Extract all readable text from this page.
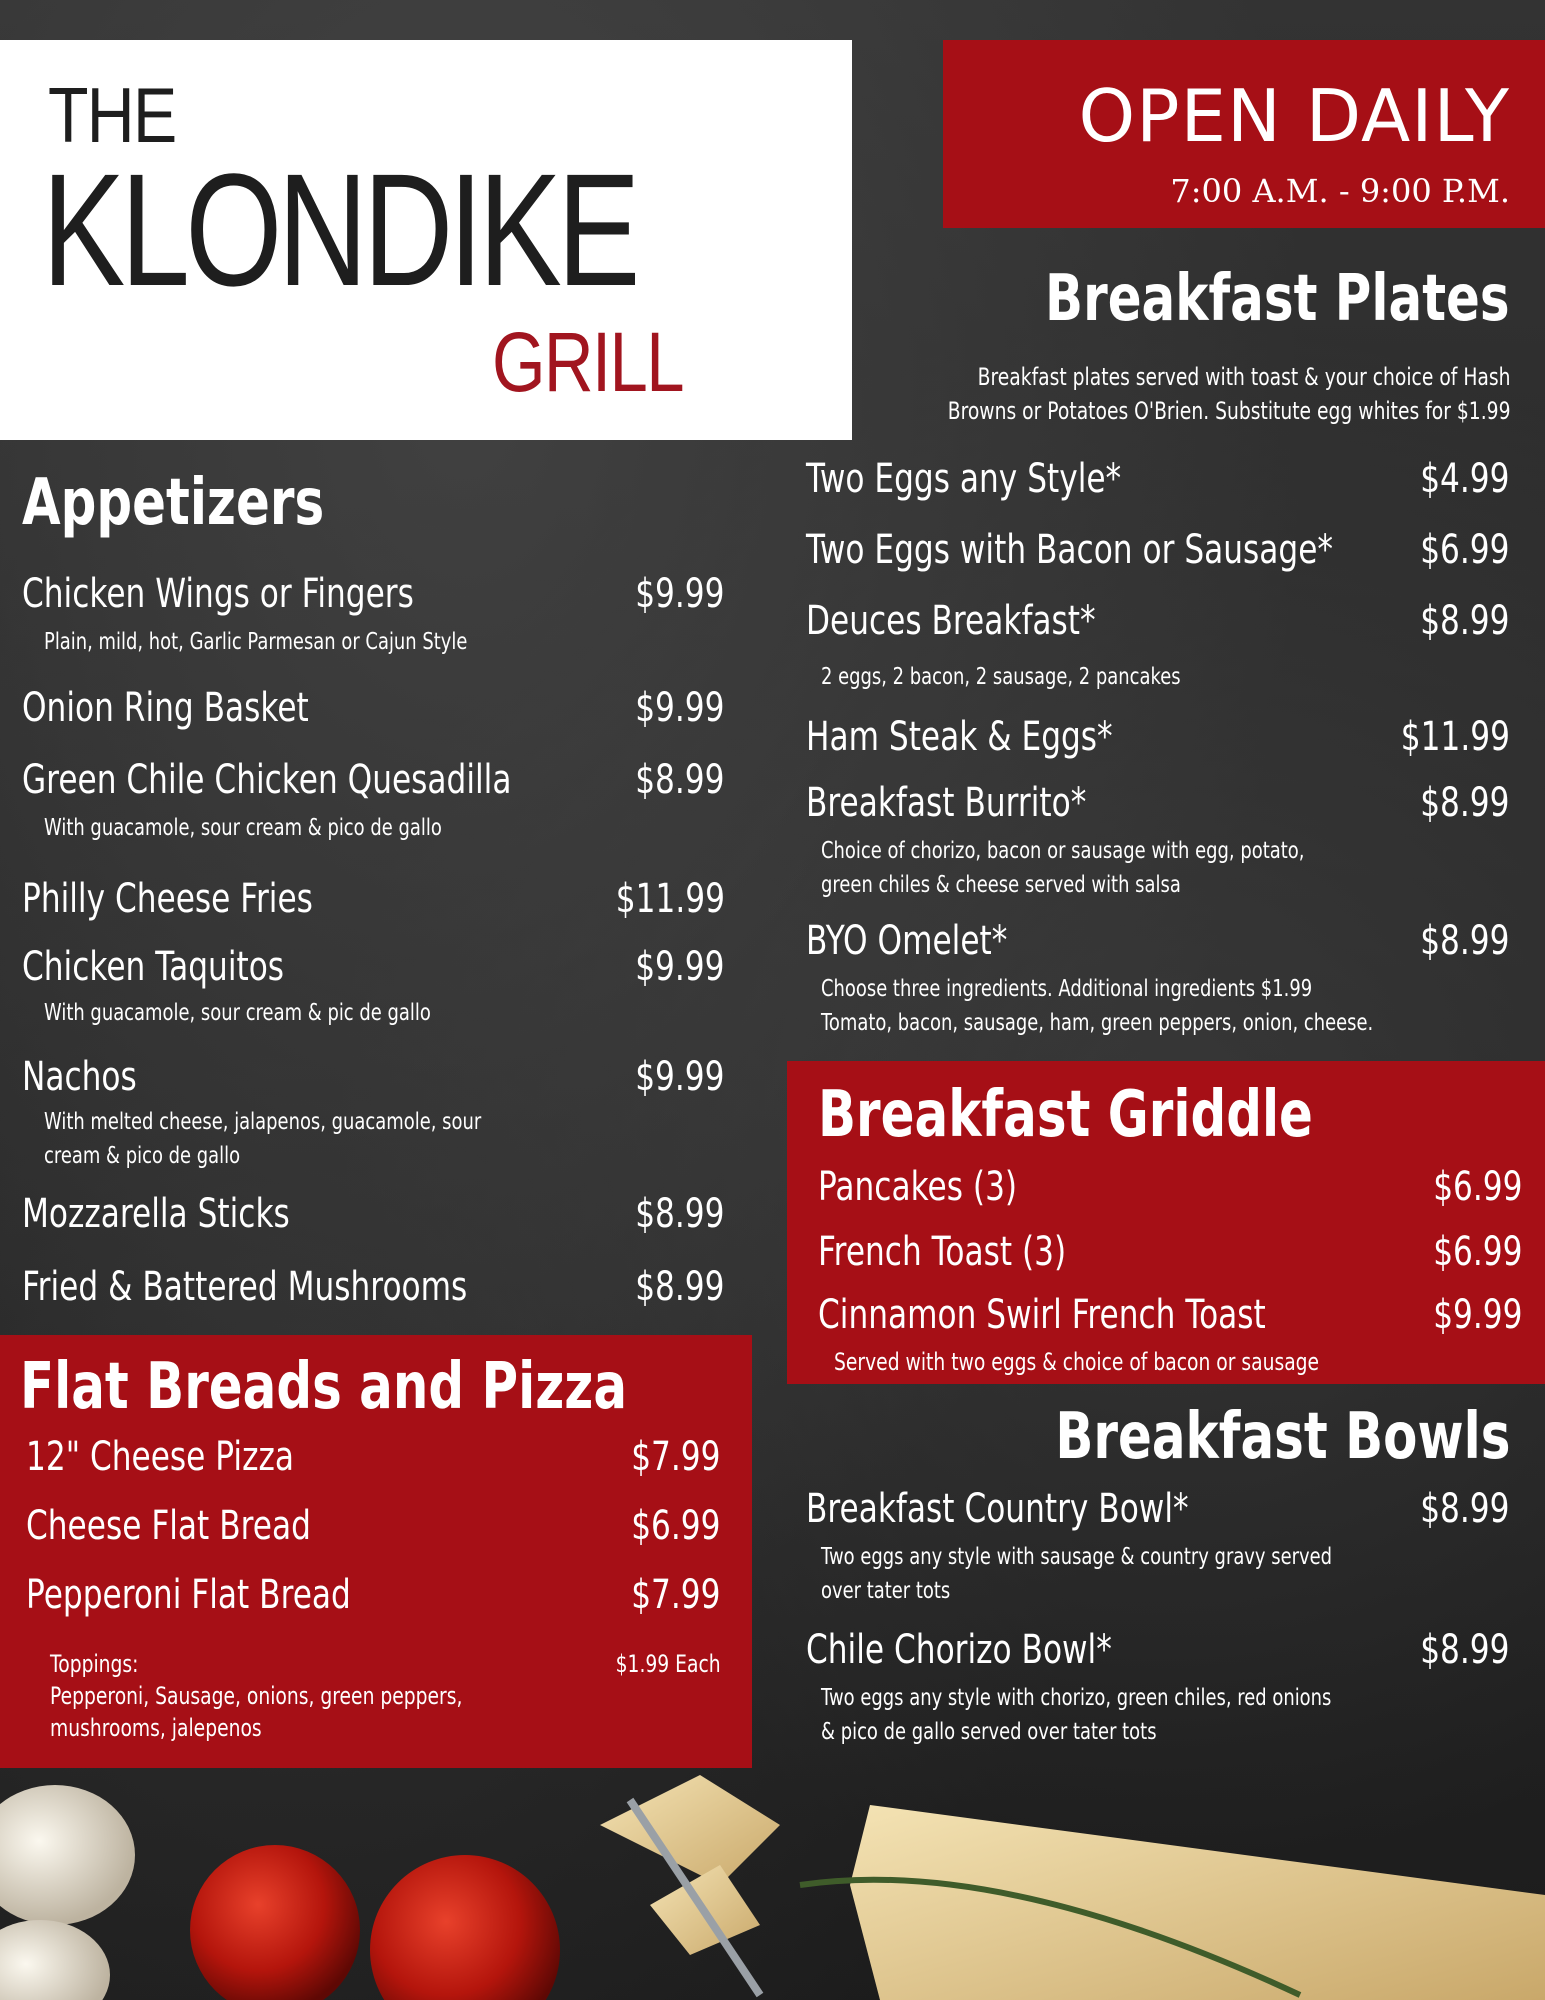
THE
KLONDIKE
GRILL
OPEN DAILY
7:00 A.M. - 9:00 P.M.
Breakfast Plates
Breakfast plates served with toast & your choice of Hash
Browns or Potatoes O'Brien. Substitute egg whites for $1.99
Appetizers
Chicken Wings or Fingers	$9.99
Plain, mild, hot, Garlic Parmesan or Cajun Style
Onion Ring Basket	$9.99
Green Chile Chicken Quesadilla	$8.99
With guacamole, sour cream & pico de gallo
Philly Cheese Fries	$11.99
Chicken Taquitos	$9.99
With guacamole, sour cream & pic de gallo
Nachos	$9.99
With melted cheese, jalapenos, guacamole, sour
cream & pico de gallo
Mozzarella Sticks	$8.99
Fried & Battered Mushrooms	$8.99
Flat Breads and Pizza
12" Cheese Pizza	$7.99
Cheese Flat Bread	$6.99
Pepperoni Flat Bread	$7.99
Toppings:
Pepperoni, Sausage, onions, green peppers,
mushrooms, jalepenos
$1.99 Each
Two Eggs any Style*	$4.99
Two Eggs with Bacon or Sausage*	$6.99
Deuces Breakfast*	$8.99
2 eggs, 2 bacon, 2 sausage, 2 pancakes
Ham Steak & Eggs*	$11.99
Breakfast Burrito*	$8.99
Choice of chorizo, bacon or sausage with egg, potato,
green chiles & cheese served with salsa
BYO Omelet*	$8.99
Choose three ingredients. Additional ingredients $1.99
Tomato, bacon, sausage, ham, green peppers, onion, cheese.
Breakfast Griddle
Pancakes (3)	$6.99
French Toast (3)	$6.99
Cinnamon Swirl French Toast	$9.99
Served with two eggs & choice of bacon or sausage
Breakfast Bowls
Breakfast Country Bowl*	$8.99
Two eggs any style with sausage & country gravy served
over tater tots
Chile Chorizo Bowl*	$8.99
Two eggs any style with chorizo, green chiles, red onions
& pico de gallo served over tater tots
